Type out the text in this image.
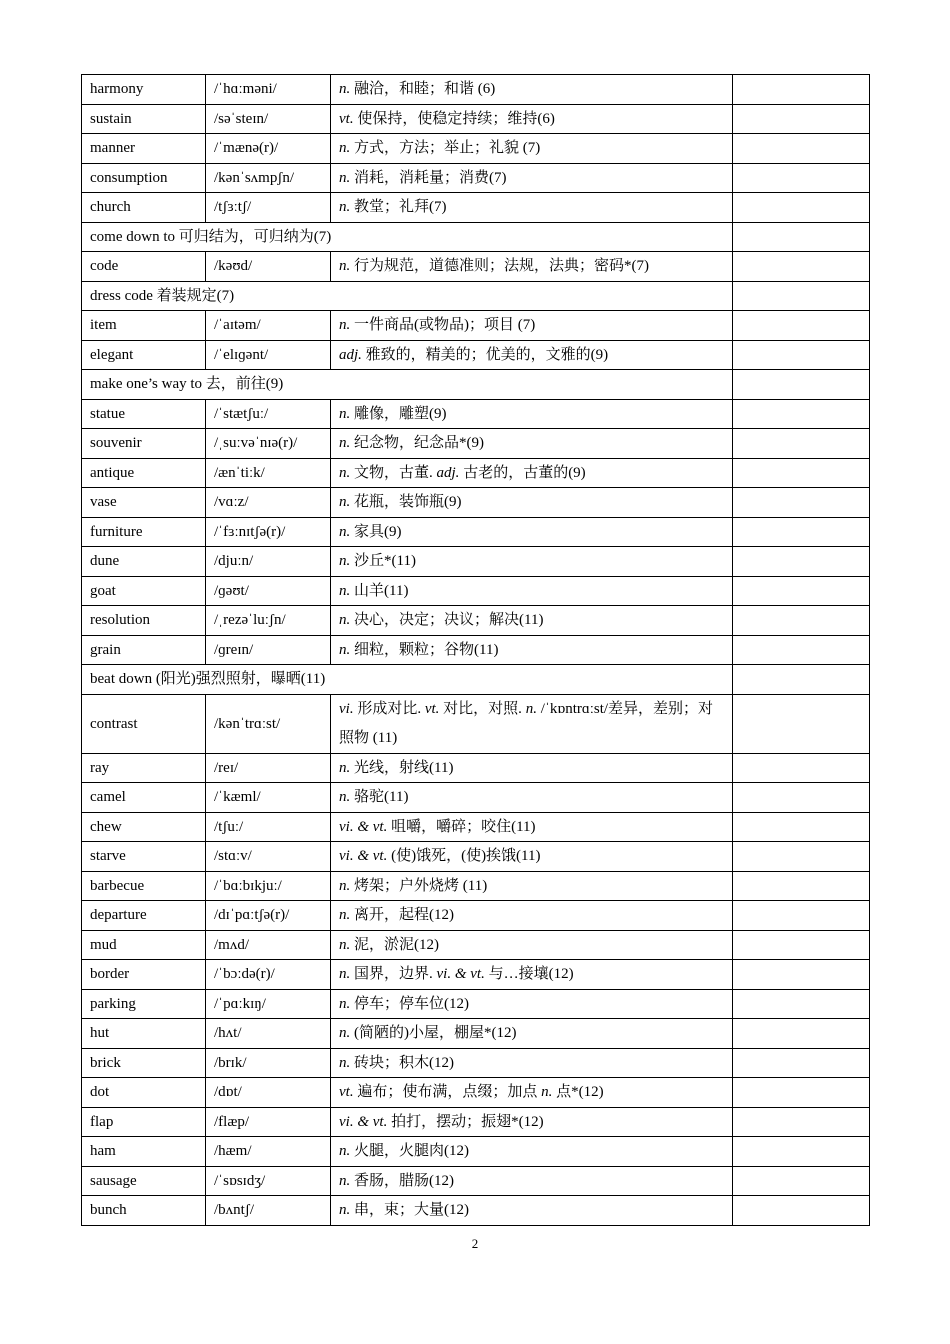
harmony	/ˈhɑːməni/	n. 融洽，和睦；和谐 (6)	
sustain	/səˈsteɪn/	vt. 使保持，使稳定持续；维持(6)	
manner	/ˈmænə(r)/	n. 方式，方法；举止；礼貌 (7)	
consumption	/kənˈsʌmpʃn/	n. 消耗，消耗量；消费(7)	
church	/tʃɜːtʃ/	n. 教堂；礼拜(7)	
come down to 可归结为，可归纳为(7)			
code	/kəʊd/	n. 行为规范，道德准则；法规，法典；密码*(7)	
dress code 着装规定(7)			
item	/ˈaɪtəm/	n. 一件商品(或物品)；项目 (7)	
elegant	/ˈelɪɡənt/	adj. 雅致的，精美的；优美的，文雅的(9)	
make one’s way to 去，前往(9)			
statue	/ˈstætʃuː/	n. 雕像，雕塑(9)	
souvenir	/ˌsuːvəˈnɪə(r)/	n. 纪念物，纪念品*(9)	
antique	/ænˈtiːk/	n. 文物，古董. adj. 古老的，古董的(9)	
vase	/vɑːz/	n. 花瓶，装饰瓶(9)	
furniture	/ˈfɜːnɪtʃə(r)/	n. 家具(9)	
dune	/djuːn/	n. 沙丘*(11)	
goat	/ɡəʊt/	n. 山羊(11)	
resolution	/ˌrezəˈluːʃn/	n. 决心，决定；决议；解决(11)	
grain	/ɡreɪn/	n. 细粒，颗粒；谷物(11)	
beat down (阳光)强烈照射，曝晒(11)			
contrast	/kənˈtrɑːst/	vi. 形成对比. vt. 对比，对照. n. /ˈkɒntrɑːst/差异，差别；对照物 (11)	
ray	/reɪ/	n. 光线，射线(11)	
camel	/ˈkæml/	n. 骆驼(11)	
chew	/tʃuː/	vi. & vt. 咀嚼，嚼碎；咬住(11)	
starve	/stɑːv/	vi. & vt. (使)饿死，(使)挨饿(11)	
barbecue	/ˈbɑːbɪkjuː/	n. 烤架；户外烧烤 (11)	
departure	/dɪˈpɑːtʃə(r)/	n. 离开，起程(12)	
mud	/mʌd/	n. 泥，淤泥(12)	
border	/ˈbɔːdə(r)/	n. 国界，边界. vi. & vt. 与…接壤(12)	
parking	/ˈpɑːkɪŋ/	n. 停车；停车位(12)	
hut	/hʌt/	n. (简陋的)小屋，棚屋*(12)	
brick	/brɪk/	n. 砖块；积木(12)	
dot	/dɒt/	vt. 遍布；使布满，点缀；加点 n. 点*(12)	
flap	/flæp/	vi. & vt. 拍打，摆动；振翅*(12)	
ham	/hæm/	n. 火腿，火腿肉(12)	
sausage	/ˈsɒsɪdʒ/	n. 香肠，腊肠(12)	
bunch	/bʌntʃ/	n. 串，束；大量(12)	
2
